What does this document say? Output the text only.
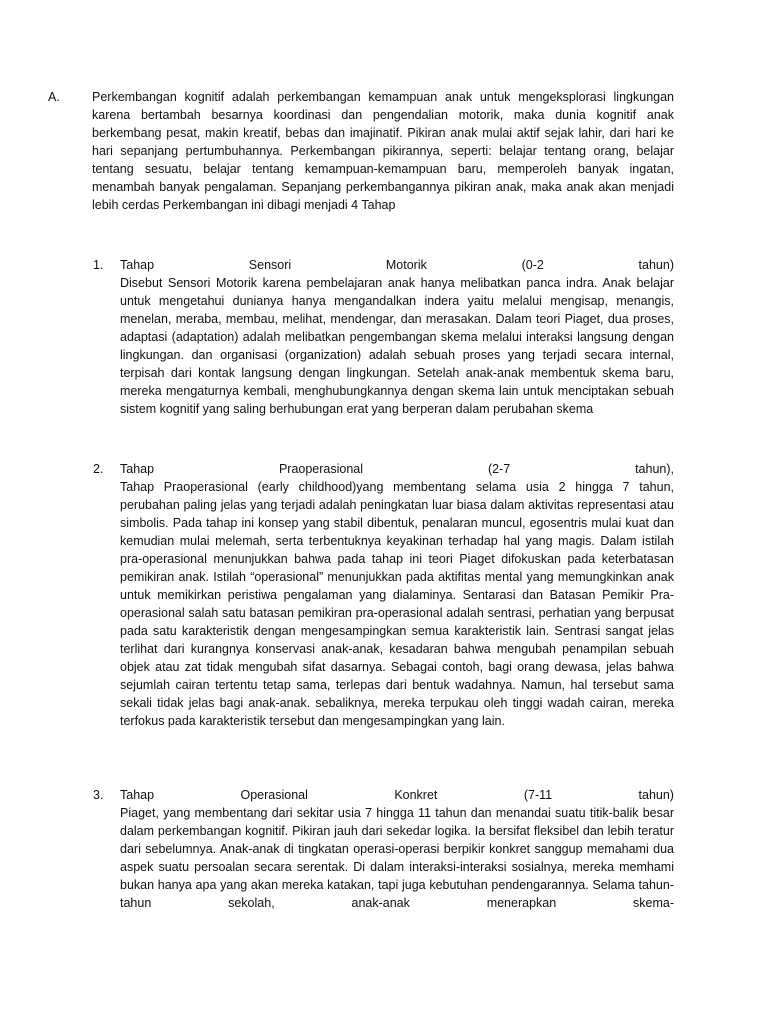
A.	Perkembangan kognitif adalah perkembangan kemampuan anak untuk mengeksplorasi lingkungan karena bertambah besarnya koordinasi dan pengendalian motorik, maka dunia kognitif anak berkembang pesat, makin kreatif, bebas dan imajinatif. Pikiran anak mulai aktif sejak lahir, dari hari ke hari sepanjang pertumbuhannya. Perkembangan pikirannya, seperti: belajar tentang orang, belajar tentang sesuatu, belajar tentang kemampuan-kemampuan baru, memperoleh banyak ingatan, menambah banyak pengalaman. Sepanjang perkembangannya pikiran anak, maka anak akan menjadi lebih cerdas Perkembangan ini dibagi menjadi 4 Tahap

1. Tahap	Sensori	Motorik	(0-2	tahun)

Disebut Sensori Motorik karena pembelajaran anak hanya melibatkan panca indra. Anak belajar untuk mengetahui dunianya hanya mengandalkan indera yaitu melalui mengisap, menangis, menelan, meraba, membau, melihat, mendengar, dan merasakan. Dalam teori Piaget, dua proses, adaptasi (adaptation) adalah melibatkan pengembangan skema melalui interaksi langsung dengan lingkungan. dan organisasi (organization) adalah sebuah proses yang terjadi secara internal, terpisah dari kontak langsung dengan lingkungan. Setelah anak-anak membentuk skema baru, mereka mengaturnya kembali, menghubungkannya dengan skema lain untuk menciptakan sebuah sistem kognitif yang saling berhubungan erat yang berperan dalam perubahan skema

2. Tahap	Praoperasional	(2-7	tahun),

Tahap Praoperasional (early childhood)yang membentang selama usia 2 hingga 7 tahun, perubahan paling jelas yang terjadi adalah peningkatan luar biasa dalam aktivitas representasi atau simbolis. Pada tahap ini konsep yang stabil dibentuk, penalaran muncul, egosentris mulai kuat dan kemudian mulai melemah, serta terbentuknya keyakinan terhadap hal yang magis. Dalam istilah pra-operasional menunjukkan bahwa pada tahap ini teori Piaget difokuskan pada keterbatasan pemikiran anak. Istilah “operasional” menunjukkan pada aktifitas mental yang memungkinkan anak untuk memikirkan peristiwa pengalaman yang dialaminya. Sentarasi dan Batasan Pemikir Pra-operasional salah satu batasan pemikiran pra-operasional adalah sentrasi, perhatian yang berpusat pada satu karakteristik dengan mengesampingkan semua karakteristik lain. Sentrasi sangat jelas terlihat dari kurangnya konservasi anak-anak, kesadaran bahwa mengubah penampilan sebuah objek atau zat tidak mengubah sifat dasarnya. Sebagai contoh, bagi orang dewasa, jelas bahwa sejumlah cairan tertentu tetap sama, terlepas dari bentuk wadahnya. Namun, hal tersebut sama sekali tidak jelas bagi anak-anak. sebaliknya, mereka terpukau oleh tinggi wadah cairan, mereka terfokus pada karakteristik tersebut dan mengesampingkan yang lain.

3. Tahap	Operasional	Konkret	(7-11	tahun)

Piaget, yang membentang dari sekitar usia 7 hingga 11 tahun dan menandai suatu titik-balik besar dalam perkembangan kognitif. Pikiran jauh dari sekedar logika. Ia bersifat fleksibel dan lebih teratur dari sebelumnya. Anak-anak di tingkatan operasi-operasi berpikir konkret sanggup memahami dua aspek suatu persoalan secara serentak. Di dalam interaksi-interaksi sosialnya, mereka memhami bukan hanya apa yang akan mereka katakan, tapi juga kebutuhan pendengarannya. Selama tahun-tahun sekolah, anak-anak menerapkan skema-
